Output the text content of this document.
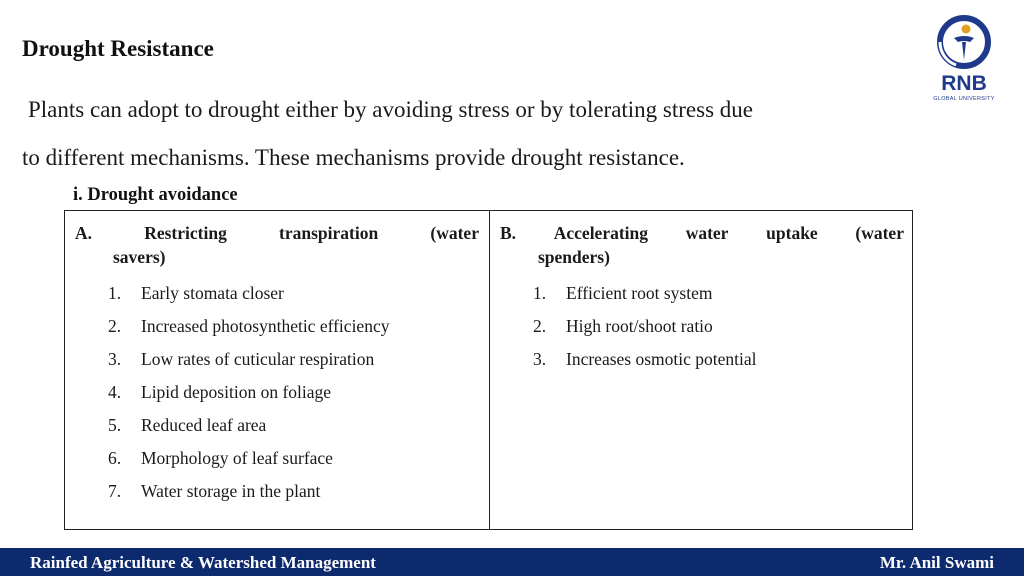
Drought Resistance
RNB
GLOBAL UNIVERSITY
Plants can adopt to drought either by avoiding stress or by tolerating stress due
to different mechanisms. These mechanisms provide drought resistance.
i. Drought avoidance
A.	Restricting	transpiration	(water
savers)
1. Early stomata closer
2. Increased photosynthetic efficiency
3. Low rates of cuticular respiration
4. Lipid deposition on foliage
5. Reduced leaf area
6. Morphology of leaf surface
7. Water storage in the plant
B. Accelerating water uptake (water
spenders)
1. Efficient root system
2. High root/shoot ratio
3. Increases osmotic potential
Rainfed Agriculture & Watershed Management	Mr. Anil Swami
